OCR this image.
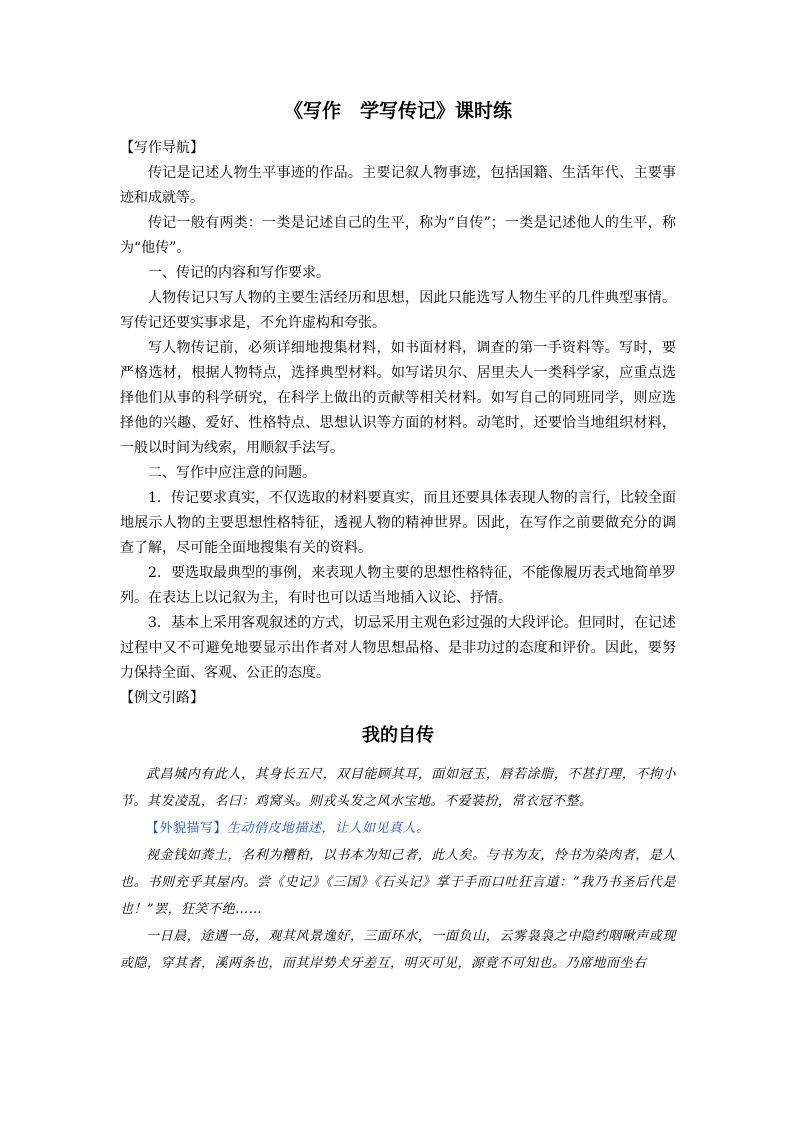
《写作　学写传记》课时练
【写作导航】
传记是记述人物生平事迹的作品。主要记叙人物事迹，包括国籍、生活年代、主要事迹和成就等。
传记一般有两类：一类是记述自己的生平，称为“自传”；一类是记述他人的生平，称为“他传”。
一、传记的内容和写作要求。
人物传记只写人物的主要生活经历和思想，因此只能选写人物生平的几件典型事情。写传记还要实事求是，不允许虚构和夸张。
写人物传记前，必须详细地搜集材料，如书面材料，调查的第一手资料等。写时，要严格选材，根据人物特点，选择典型材料。如写诺贝尔、居里夫人一类科学家，应重点选择他们从事的科学研究，在科学上做出的贡献等相关材料。如写自己的同班同学，则应选择他的兴趣、爱好、性格特点、思想认识等方面的材料。动笔时，还要恰当地组织材料，一般以时间为线索，用顺叙手法写。
二、写作中应注意的问题。
1．传记要求真实，不仅选取的材料要真实，而且还要具体表现人物的言行，比较全面地展示人物的主要思想性格特征，透视人物的精神世界。因此，在写作之前要做充分的调查了解，尽可能全面地搜集有关的资料。
2．要选取最典型的事例，来表现人物主要的思想性格特征，不能像履历表式地简单罗列。在表达上以记叙为主，有时也可以适当地插入议论、抒情。
3．基本上采用客观叙述的方式，切忌采用主观色彩过强的大段评论。但同时，在记述过程中又不可避免地要显示出作者对人物思想品格、是非功过的态度和评价。因此，要努力保持全面、客观、公正的态度。
【例文引路】
我的自传
武昌城内有此人，其身长五尺，双目能顾其耳，面如冠玉，唇若涂脂，不甚打理，不拘小节。其发凌乱，名曰：鸡窝头。则戎头发之风水宝地。不爱装扮，常衣冠不整。
【外貌描写】生动俏皮地描述，让人如见真人。
视金钱如粪土，名利为糟粕，以书本为知己者，此人矣。与书为友，怜书为染肉者，是人也。书则充乎其屋内。尝《史记》《三国》《石头记》掌于手而口吐狂言道：“我乃书圣后代是也！”罢，狂笑不绝……
一日晨，途遇一岛，观其风景逸好，三面环水，一面负山，云雾袅袅之中隐约咽啾声或现或隐，穿其者，溪两条也，而其岸势犬牙差互，明灭可见，源竟不可知也。乃席地而坐右
